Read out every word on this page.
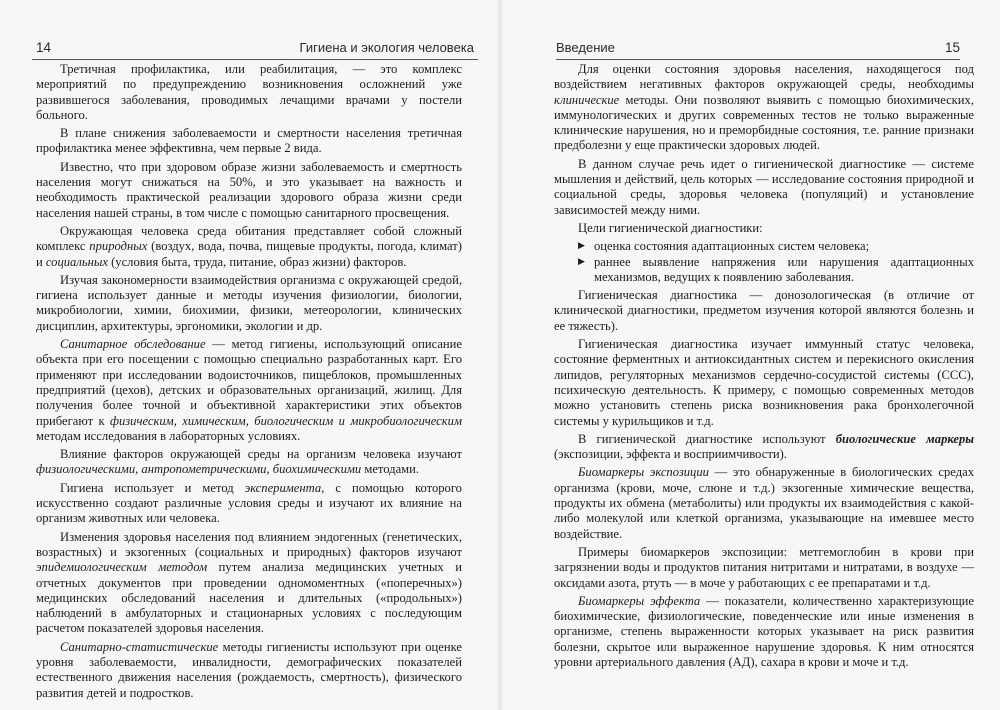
14	Гигиена и экология человека

Третичная профилактика, или реабилитация, — это комплекс мероприятий по предупреждению возникновения осложнений уже развившегося заболевания, проводимых лечащими врачами у постели больного.

В плане снижения заболеваемости и смертности населения третичная профилактика менее эффективна, чем первые 2 вида.

Известно, что при здоровом образе жизни заболеваемость и смертность населения могут снижаться на 50%, и это указывает на важность и необходимость практической реализации здорового образа жизни среди населения нашей страны, в том числе с помощью санитарного просвещения.

Окружающая человека среда обитания представляет собой сложный комплекс природных (воздух, вода, почва, пищевые продукты, погода, климат) и социальных (условия быта, труда, питание, образ жизни) факторов.

Изучая закономерности взаимодействия организма с окружающей средой, гигиена использует данные и методы изучения физиологии, биологии, микробиологии, химии, биохимии, физики, метеорологии, клинических дисциплин, архитектуры, эргономики, экологии и др.

Санитарное обследование — метод гигиены, использующий описание объекта при его посещении с помощью специально разработанных карт. Его применяют при исследовании водоисточников, пищеблоков, промышленных предприятий (цехов), детских и образовательных организаций, жилищ. Для получения более точной и объективной характеристики этих объектов прибегают к физическим, химическим, биологическим и микробиологическим методам исследования в лабораторных условиях.

Влияние факторов окружающей среды на организм человека изучают физиологическими, антропометрическими, биохимическими методами.

Гигиена использует и метод эксперимента, с помощью которого искусственно создают различные условия среды и изучают их влияние на организм животных или человека.

Изменения здоровья населения под влиянием эндогенных (генетических, возрастных) и экзогенных (социальных и природных) факторов изучают эпидемиологическим методом путем анализа медицинских учетных и отчетных документов при проведении одномоментных («поперечных») медицинских обследований населения и длительных («продольных») наблюдений в амбулаторных и стационарных условиях с последующим расчетом показателей здоровья населения.

Санитарно-статистические методы гигиенисты используют при оценке уровня заболеваемости, инвалидности, демографических показателей естественного движения населения (рождаемость, смертность), физического развития детей и подростков.

Введение	15

Для оценки состояния здоровья населения, находящегося под воздействием негативных факторов окружающей среды, необходимы клинические методы. Они позволяют выявить с помощью биохимических, иммунологических и других современных тестов не только выраженные клинические нарушения, но и преморбидные состояния, т.е. ранние признаки предболезни у еще практически здоровых людей.

В данном случае речь идет о гигиенической диагностике — системе мышления и действий, цель которых — исследование состояния природной и социальной среды, здоровья человека (популяций) и установление зависимостей между ними.

Цели гигиенической диагностики:

▶ оценка состояния адаптационных систем человека;
▶ раннее выявление напряжения или нарушения адаптационных механизмов, ведущих к появлению заболевания.

Гигиеническая диагностика — донозологическая (в отличие от клинической диагностики, предметом изучения которой являются болезнь и ее тяжесть).

Гигиеническая диагностика изучает иммунный статус человека, состояние ферментных и антиоксидантных систем и перекисного окисления липидов, регуляторных механизмов сердечно-сосудистой системы (ССС), психическую деятельность. К примеру, с помощью современных методов можно установить степень риска возникновения рака бронхолегочной системы у курильщиков и т.д.

В гигиенической диагностике используют биологические маркеры (экспозиции, эффекта и восприимчивости).

Биомаркеры экспозиции — это обнаруженные в биологических средах организма (крови, моче, слюне и т.д.) экзогенные химические вещества, продукты их обмена (метаболиты) или продукты их взаимодействия с какой-либо молекулой или клеткой организма, указывающие на имевшее место воздействие.

Примеры биомаркеров экспозиции: метгемоглобин в крови при загрязнении воды и продуктов питания нитритами и нитратами, в воздухе — оксидами азота, ртуть — в моче у работающих с ее препаратами и т.д.

Биомаркеры эффекта — показатели, количественно характеризующие биохимические, физиологические, поведенческие или иные изменения в организме, степень выраженности которых указывает на риск развития болезни, скрытое или выраженное нарушение здоровья. К ним относятся уровни артериального давления (АД), сахара в крови и моче и т.д.
